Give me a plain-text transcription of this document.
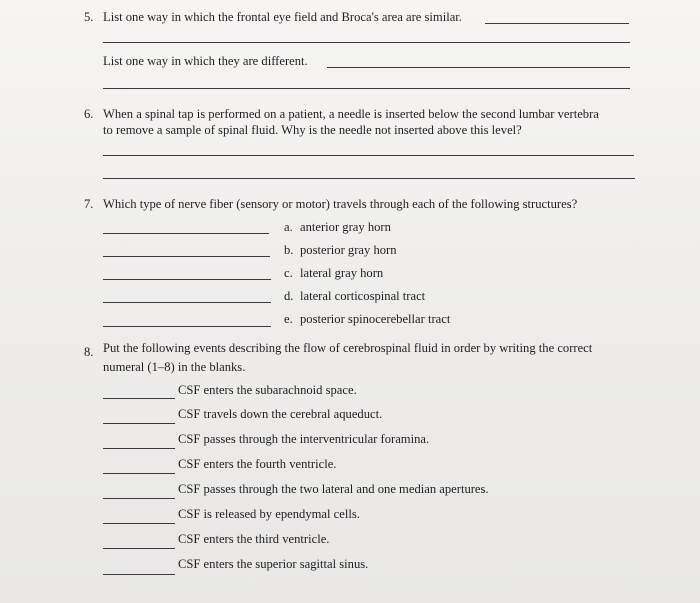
5. List one way in which the frontal eye field and Broca's area are similar.
List one way in which they are different.
6. When a spinal tap is performed on a patient, a needle is inserted below the second lumbar vertebra
to remove a sample of spinal fluid. Why is the needle not inserted above this level?
7. Which type of nerve fiber (sensory or motor) travels through each of the following structures?
a. anterior gray horn
b. posterior gray horn
c. lateral gray horn
d. lateral corticospinal tract
e. posterior spinocerebellar tract
8. Put the following events describing the flow of cerebrospinal fluid in order by writing the correct
numeral (1–8) in the blanks.
CSF enters the subarachnoid space.
CSF travels down the cerebral aqueduct.
CSF passes through the interventricular foramina.
CSF enters the fourth ventricle.
CSF passes through the two lateral and one median apertures.
CSF is released by ependymal cells.
CSF enters the third ventricle.
CSF enters the superior sagittal sinus.
